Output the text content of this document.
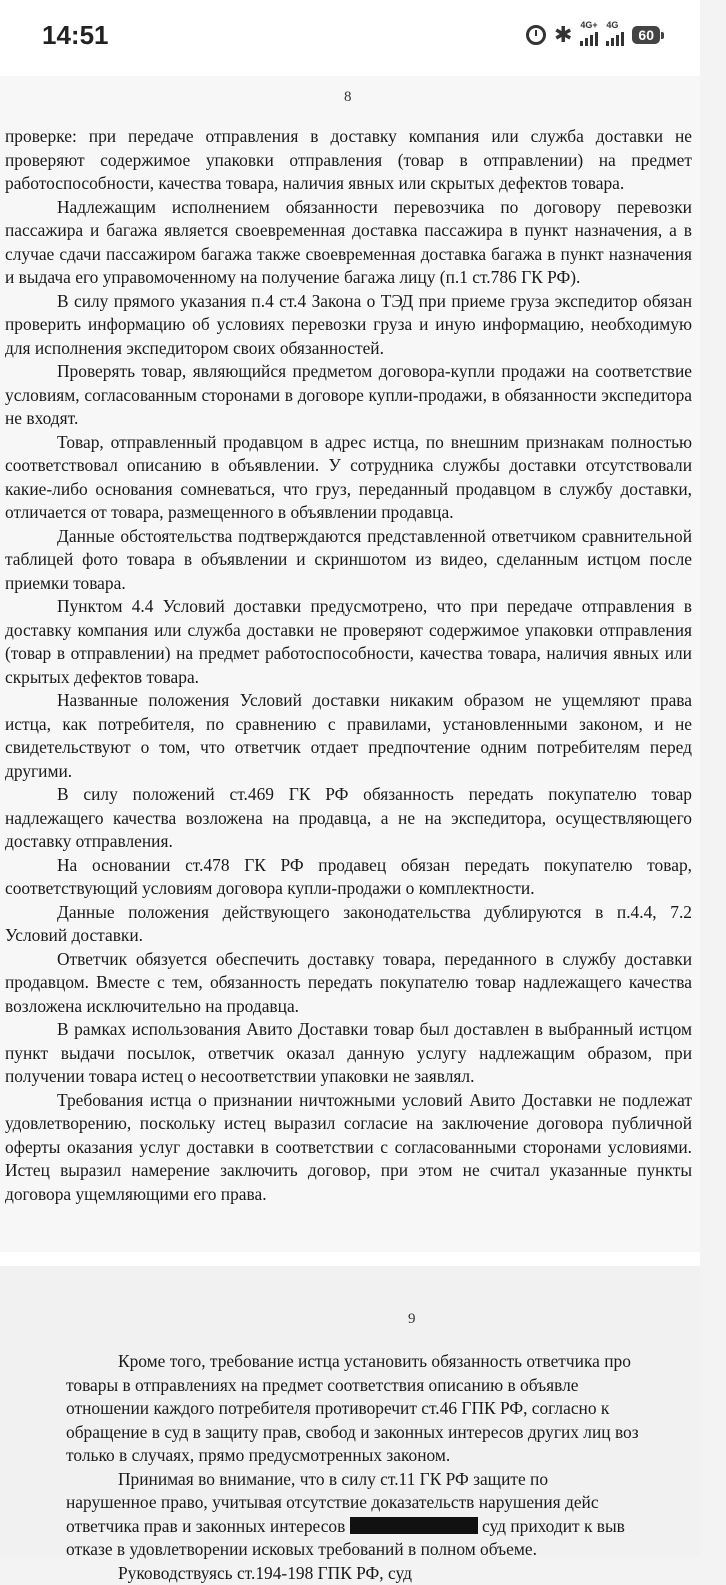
14:51	✱ 4G+ 4G
60
8

проверке: при передаче отправления в доставку компания или служба доставки не проверяют содержимое упаковки отправления (товар в отправлении) на предмет работоспособности, качества товара, наличия явных или скрытых дефектов товара.

Надлежащим исполнением обязанности перевозчика по договору перевозки пассажира и багажа является своевременная доставка пассажира в пункт назначения, а в случае сдачи пассажиром багажа также своевременная доставка багажа в пункт назначения и выдача его управомоченному на получение багажа лицу (п.1 ст.786 ГК РФ).

В силу прямого указания п.4 ст.4 Закона о ТЭД при приеме груза экспедитор обязан проверить информацию об условиях перевозки груза и иную информацию, необходимую для исполнения экспедитором своих обязанностей.

Проверять товар, являющийся предметом договора-купли продажи на соответствие условиям, согласованным сторонами в договоре купли-продажи, в обязанности экспедитора не входят.

Товар, отправленный продавцом в адрес истца, по внешним признакам полностью соответствовал описанию в объявлении. У сотрудника службы доставки отсутствовали какие-либо основания сомневаться, что груз, переданный продавцом в службу доставки, отличается от товара, размещенного в объявлении продавца.

Данные обстоятельства подтверждаются представленной ответчиком сравнительной таблицей фото товара в объявлении и скриншотом из видео, сделанным истцом после приемки товара.

Пунктом 4.4 Условий доставки предусмотрено, что при передаче отправления в доставку компания или служба доставки не проверяют содержимое упаковки отправления (товар в отправлении) на предмет работоспособности, качества товара, наличия явных или скрытых дефектов товара.

Названные положения Условий доставки никаким образом не ущемляют права истца, как потребителя, по сравнению с правилами, установленными законом, и не свидетельствуют о том, что ответчик отдает предпочтение одним потребителям перед другими.

В силу положений ст.469 ГК РФ обязанность передать покупателю товар надлежащего качества возложена на продавца, а не на экспедитора, осуществляющего доставку отправления.

На основании ст.478 ГК РФ продавец обязан передать покупателю товар, соответствующий условиям договора купли-продажи о комплектности.

Данные положения действующего законодательства дублируются в п.4.4, 7.2 Условий доставки.

Ответчик обязуется обеспечить доставку товара, переданного в службу доставки продавцом. Вместе с тем, обязанность передать покупателю товар надлежащего качества возложена исключительно на продавца.

В рамках использования Авито Доставки товар был доставлен в выбранный истцом пункт выдачи посылок, ответчик оказал данную услугу надлежащим образом, при получении товара истец о несоответствии упаковки не заявлял.

Требования истца о признании ничтожными условий Авито Доставки не подлежат удовлетворению, поскольку истец выразил согласие на заключение договора публичной оферты оказания услуг доставки в соответствии с согласованными сторонами условиями. Истец выразил намерение заключить договор, при этом не считал указанные пункты договора ущемляющими его права.

9
Кроме того, требование истца установить обязанность ответчика про
товары в отправлениях на предмет соответствия описанию в объявле
отношении каждого потребителя противоречит ст.46 ГПК РФ, согласно к
обращение в суд в защиту прав, свобод и законных интересов других лиц воз
только в случаях, прямо предусмотренных законом.
Принимая во внимание, что в силу ст.11 ГК РФ защите по
нарушенное право, учитывая отсутствие доказательств нарушения дейс
ответчика прав и законных интересов	суд приходит к выв
отказе в удовлетворении исковых требований в полном объеме.
Руководствуясь ст.194-198 ГПК РФ, суд
